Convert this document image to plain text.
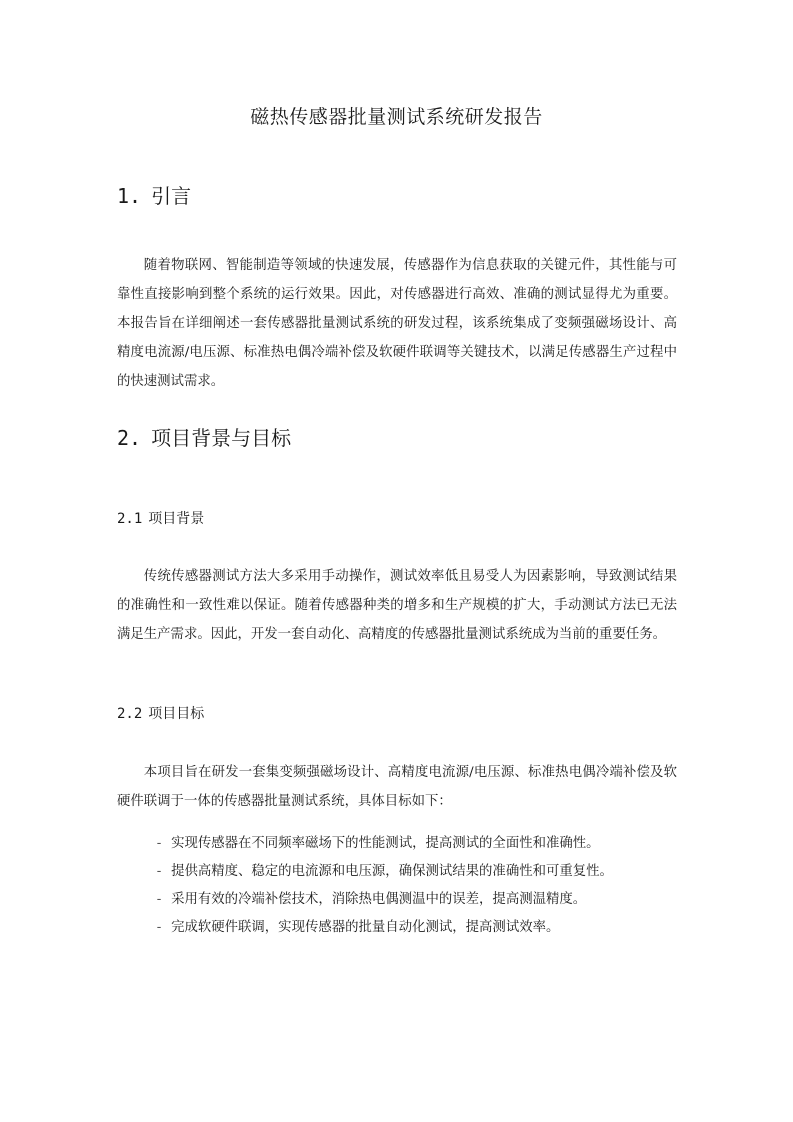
磁热传感器批量测试系统研发报告
1. 引言

随着物联网、智能制造等领域的快速发展，传感器作为信息获取的关键元件，其性能与可靠性直接影响到整个系统的运行效果。因此，对传感器进行高效、准确的测试显得尤为重要。本报告旨在详细阐述一套传感器批量测试系统的研发过程，该系统集成了变频强磁场设计、高精度电流源/电压源、标准热电偶冷端补偿及软硬件联调等关键技术，以满足传感器生产过程中的快速测试需求。

2. 项目背景与目标
2.1 项目背景

传统传感器测试方法大多采用手动操作，测试效率低且易受人为因素影响，导致测试结果的准确性和一致性难以保证。随着传感器种类的增多和生产规模的扩大，手动测试方法已无法满足生产需求。因此，开发一套自动化、高精度的传感器批量测试系统成为当前的重要任务。

2.2 项目目标

本项目旨在研发一套集变频强磁场设计、高精度电流源/电压源、标准热电偶冷端补偿及软硬件联调于一体的传感器批量测试系统，具体目标如下：

- 实现传感器在不同频率磁场下的性能测试，提高测试的全面性和准确性。
- 提供高精度、稳定的电流源和电压源，确保测试结果的准确性和可重复性。
- 采用有效的冷端补偿技术，消除热电偶测温中的误差，提高测温精度。
- 完成软硬件联调，实现传感器的批量自动化测试，提高测试效率。
